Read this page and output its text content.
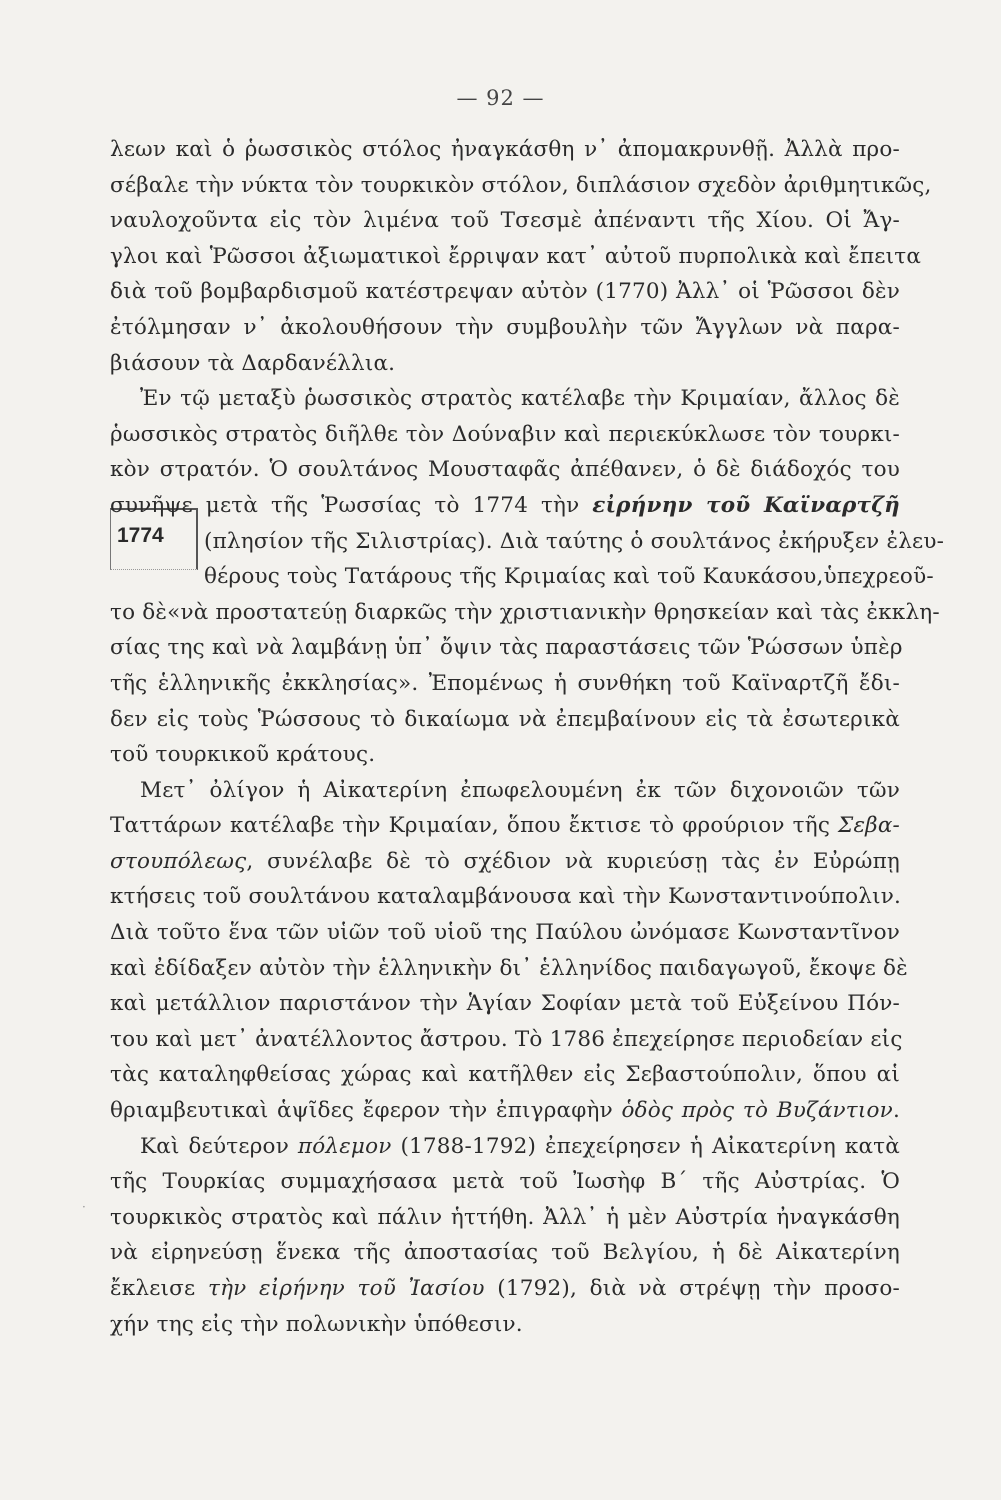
— 92 —
1774
λεων καὶ ὁ ῥωσσικὸς στόλος ἠναγκάσθη ν᾿ ἀπομακρυνθῇ. Ἀλλὰ προ-
σέβαλε τὴν νύκτα τὸν τουρκικὸν στόλον, διπλάσιον σχεδὸν ἀριθμητικῶς,
ναυλοχοῦντα εἰς τὸν λιμένα τοῦ Τσεσμὲ ἀπέναντι τῆς Χίου. Οἱ Ἄγ-
γλοι καὶ Ῥῶσσοι ἀξιωματικοὶ ἔρριψαν κατ᾿ αὐτοῦ πυρπολικὰ καὶ ἔπειτα
διὰ τοῦ βομβαρδισμοῦ κατέστρεψαν αὐτὸν (1770) Ἀλλ᾿ οἱ Ῥῶσσοι δὲν
ἐτόλμησαν ν᾿ ἀκολουθήσουν τὴν συμβουλὴν τῶν Ἄγγλων νὰ παρα-
βιάσουν τὰ Δαρδανέλλια.
Ἐν τῷ μεταξὺ ῥωσσικὸς στρατὸς κατέλαβε τὴν Κριμαίαν, ἄλλος δὲ
ῥωσσικὸς στρατὸς διῆλθε τὸν Δούναβιν καὶ περιεκύκλωσε τὸν τουρκι-
κὸν στρατόν. Ὁ σουλτάνος Μουσταφᾶς ἀπέθανεν, ὁ δὲ διάδοχός του
συνῆψε μετὰ τῆς Ῥωσσίας τὸ 1774 τὴν εἰρήνην τοῦ Καϊναρτζῆ
(πλησίον τῆς Σιλιστρίας). Διὰ ταύτης ὁ σουλτάνος ἐκήρυξεν ἐλευ-
θέρους τοὺς Τατάρους τῆς Κριμαίας καὶ τοῦ Καυκάσου,ὑπεχρεοῦ-
το δὲ«νὰ προστατεύῃ διαρκῶς τὴν χριστιανικὴν θρησκείαν καὶ τὰς ἐκκλη-
σίας της καὶ νὰ λαμβάνῃ ὑπ᾿ ὄψιν τὰς παραστάσεις τῶν Ῥώσσων ὑπὲρ
τῆς ἑλληνικῆς ἐκκλησίας». Ἐπομένως ἡ συνθήκη τοῦ Καϊναρτζῆ ἔδι-
δεν εἰς τοὺς Ῥώσσους τὸ δικαίωμα νὰ ἐπεμβαίνουν εἰς τὰ ἐσωτερικὰ
τοῦ τουρκικοῦ κράτους.
Μετ᾿ ὀλίγον ἡ Αἰκατερίνη ἐπωφελουμένη ἐκ τῶν διχονοιῶν τῶν
Ταττάρων κατέλαβε τὴν Κριμαίαν, ὅπου ἔκτισε τὸ φρούριον τῆς Σεβα-
στουπόλεως, συνέλαβε δὲ τὸ σχέδιον νὰ κυριεύσῃ τὰς ἐν Εὐρώπῃ
κτήσεις τοῦ σουλτάνου καταλαμβάνουσα καὶ τὴν Κωνσταντινούπολιν.
Διὰ τοῦτο ἕνα τῶν υἱῶν τοῦ υἱοῦ της Παύλου ὠνόμασε Κωνσταντῖνον
καὶ ἐδίδαξεν αὐτὸν τὴν ἑλληνικὴν δι᾿ ἑλληνίδος παιδαγωγοῦ, ἔκοψε δὲ
καὶ μετάλλιον παριστάνον τὴν Ἁγίαν Σοφίαν μετὰ τοῦ Εὐξείνου Πόν-
του καὶ μετ᾿ ἀνατέλλοντος ἄστρου. Τὸ 1786 ἐπεχείρησε περιοδείαν εἰς
τὰς καταληφθείσας χώρας καὶ κατῆλθεν εἰς Σεβαστούπολιν, ὅπου αἱ
θριαμβευτικαὶ ἁψῖδες ἔφερον τὴν ἐπιγραφὴν ὁδὸς πρὸς τὸ Βυζάντιον.
Καὶ δεύτερον πόλεμον (1788-1792) ἐπεχείρησεν ἡ Αἰκατερίνη κατὰ
τῆς Τουρκίας συμμαχήσασα μετὰ τοῦ Ἰωσὴφ Β΄ τῆς Αὐστρίας. Ὁ
τουρκικὸς στρατὸς καὶ πάλιν ἡττήθη. Ἀλλ᾿ ἡ μὲν Αὐστρία ἠναγκάσθη
νὰ εἰρηνεύσῃ ἕνεκα τῆς ἀποστασίας τοῦ Βελγίου, ἡ δὲ Αἰκατερίνη
ἔκλεισε τὴν εἰρήνην τοῦ Ἰασίου (1792), διὰ νὰ στρέψῃ τὴν προσο-
χήν της εἰς τὴν πολωνικὴν ὑπόθεσιν.
·
